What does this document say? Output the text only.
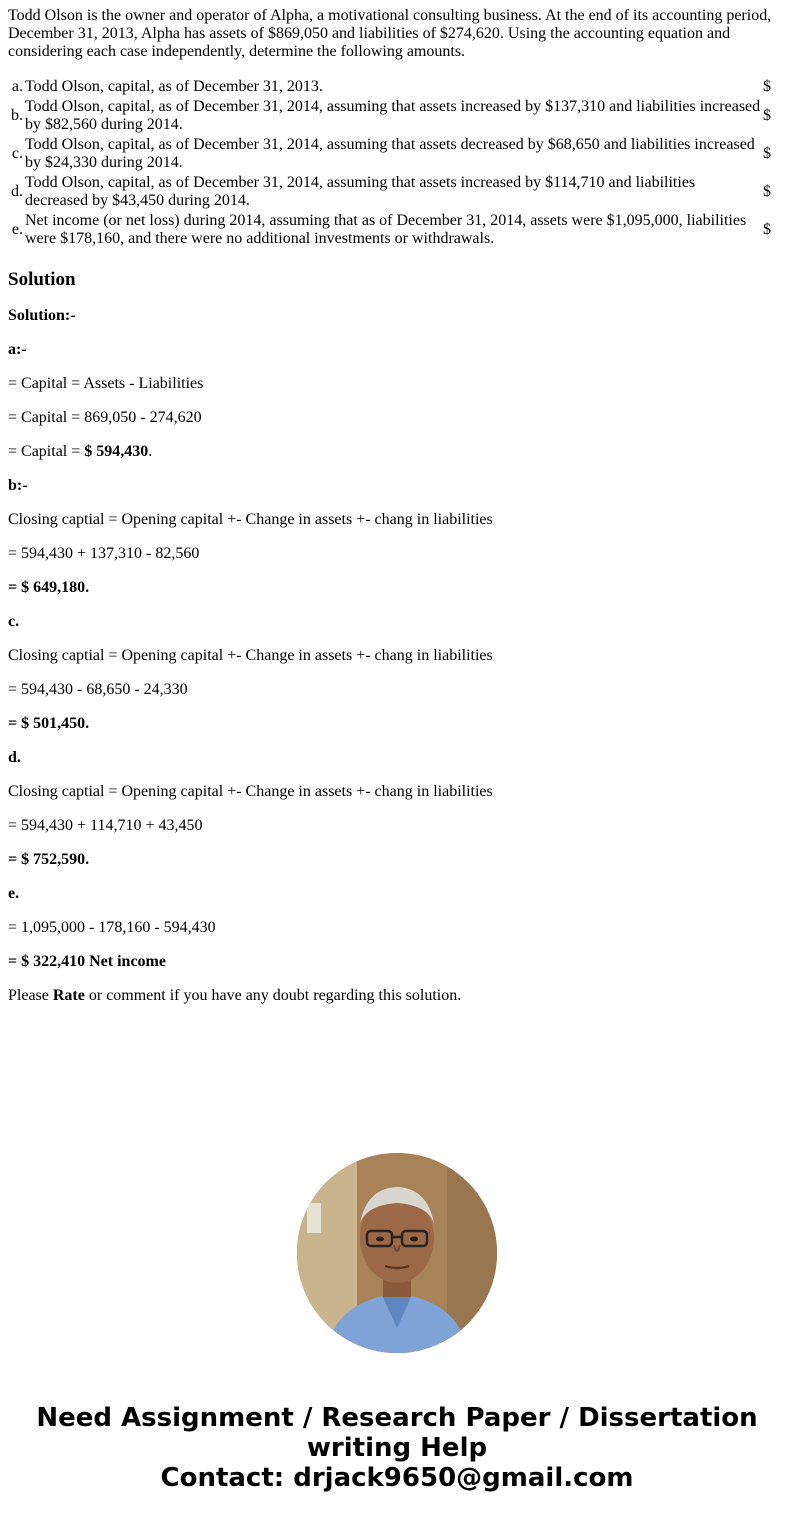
Todd Olson is the owner and operator of Alpha, a motivational consulting business. At the end of its accounting period, December 31, 2013, Alpha has assets of $869,050 and liabilities of $274,620. Using the accounting equation and considering each case independently, determine the following amounts.

a.	Todd Olson, capital, as of December 31, 2013.	$
b.	Todd Olson, capital, as of December 31, 2014, assuming that assets increased by $137,310 and liabilities increased by $82,560 during 2014.	$
c.	Todd Olson, capital, as of December 31, 2014, assuming that assets decreased by $68,650 and liabilities increased by $24,330 during 2014.	$
d.	Todd Olson, capital, as of December 31, 2014, assuming that assets increased by $114,710 and liabilities decreased by $43,450 during 2014.	$
e.	Net income (or net loss) during 2014, assuming that as of December 31, 2014, assets were $1,095,000, liabilities were $178,160, and there were no additional investments or withdrawals.	$
Solution

Solution:-

a:-

= Capital = Assets - Liabilities

= Capital = 869,050 - 274,620

= Capital = $ 594,430.

b:-

Closing captial = Opening capital +- Change in assets +- chang in liabilities

= 594,430 + 137,310 - 82,560

= $ 649,180.

c.

Closing captial = Opening capital +- Change in assets +- chang in liabilities

= 594,430 - 68,650 - 24,330

= $ 501,450.

d.

Closing captial = Opening capital +- Change in assets +- chang in liabilities

= 594,430 + 114,710 + 43,450

= $ 752,590.

e.

= 1,095,000 - 178,160 - 594,430

= $ 322,410 Net income

Please Rate or comment if you have any doubt regarding this solution.

Need Assignment / Research Paper / Dissertation
writing Help
Contact: drjack9650@gmail.com
